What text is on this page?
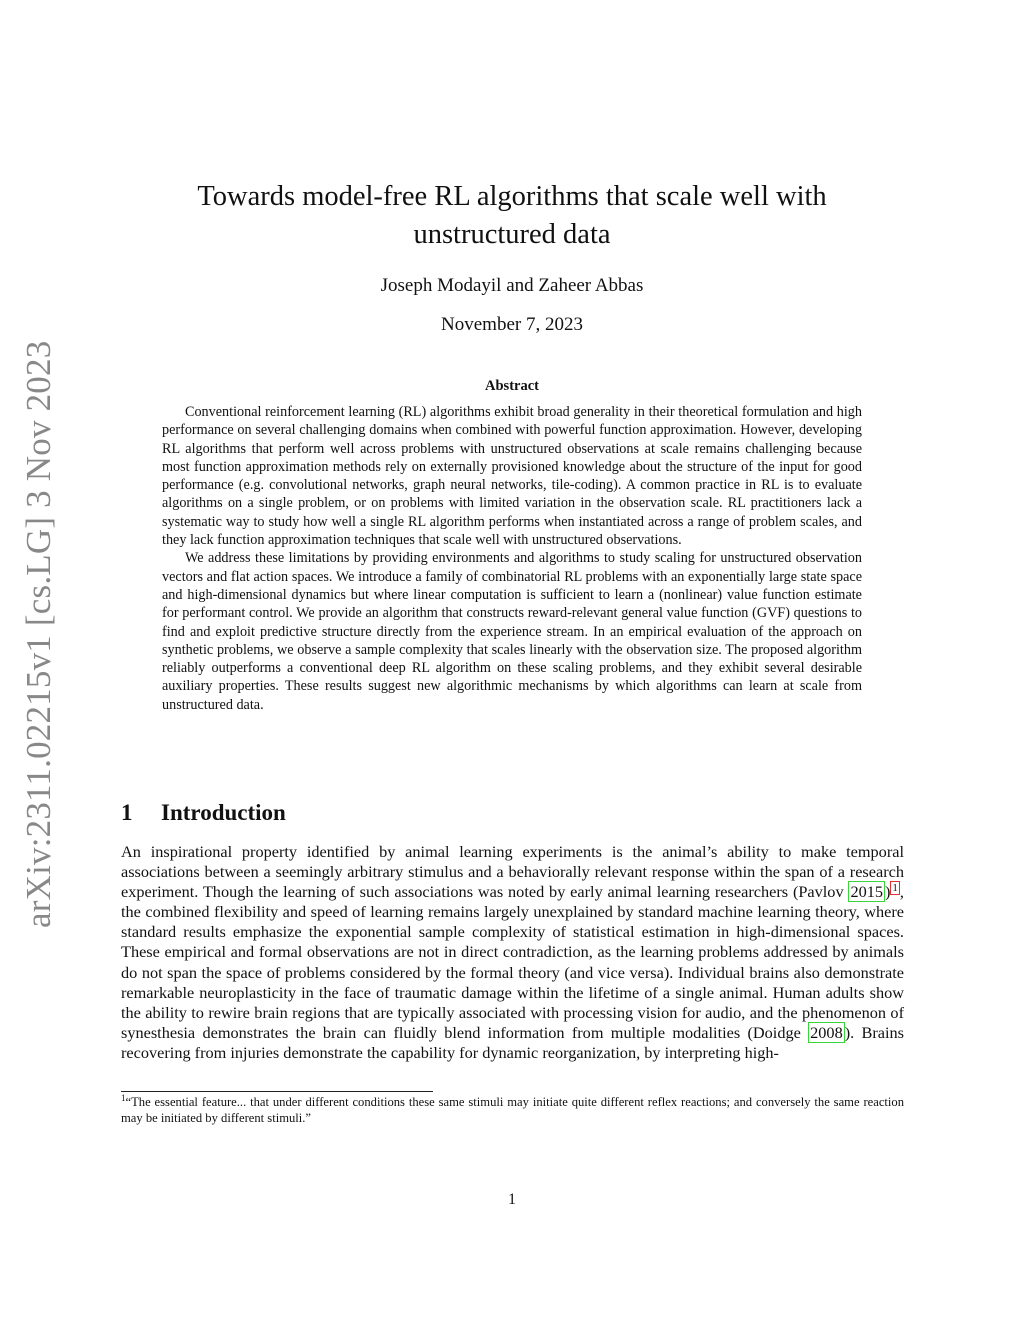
arXiv:2311.02215v1 [cs.LG] 3 Nov 2023
Towards model-free RL algorithms that scale well with unstructured data
Joseph Modayil and Zaheer Abbas
November 7, 2023
Abstract

Conventional reinforcement learning (RL) algorithms exhibit broad generality in their theoretical formulation and high performance on several challenging domains when combined with powerful function approximation. However, developing RL algorithms that perform well across problems with unstructured observations at scale remains challenging because most function approximation methods rely on externally provisioned knowledge about the structure of the input for good performance (e.g. convolutional networks, graph neural networks, tile-coding). A common practice in RL is to evaluate algorithms on a single problem, or on problems with limited variation in the observation scale. RL practitioners lack a systematic way to study how well a single RL algorithm performs when instantiated across a range of problem scales, and they lack function approximation techniques that scale well with unstructured observations.

We address these limitations by providing environments and algorithms to study scaling for unstructured observation vectors and flat action spaces. We introduce a family of combinatorial RL problems with an exponentially large state space and high-dimensional dynamics but where linear computation is sufficient to learn a (nonlinear) value function estimate for performant control. We provide an algorithm that constructs reward-relevant general value function (GVF) questions to find and exploit predictive structure directly from the experience stream. In an empirical evaluation of the approach on synthetic problems, we observe a sample complexity that scales linearly with the observation size. The proposed algorithm reliably outperforms a conventional deep RL algorithm on these scaling problems, and they exhibit several desirable auxiliary properties. These results suggest new algorithmic mechanisms by which algorithms can learn at scale from unstructured data.

1 Introduction

An inspirational property identified by animal learning experiments is the animal’s ability to make temporal associations between a seemingly arbitrary stimulus and a behaviorally relevant response within the span of a research experiment. Though the learning of such associations was noted by early animal learning researchers (Pavlov 2015 ) $^1$ , the combined flexibility and speed of learning remains largely unexplained by standard machine learning theory, where standard results emphasize the exponential sample complexity of statistical estimation in high-dimensional spaces. These empirical and formal observations are not in direct contradiction, as the learning problems addressed by animals do not span the space of problems considered by the formal theory (and vice versa). Individual brains also demonstrate remarkable neuroplasticity in the face of traumatic damage within the lifetime of a single animal. Human adults show the ability to rewire brain regions that are typically associated with processing vision for audio, and the phenomenon of synesthesia demonstrates the brain can fluidly blend information from multiple modalities (Doidge 2008 ). Brains recovering from injuries demonstrate the capability for dynamic reorganization, by interpreting high-

$^1$“The essential feature... that under different conditions these same stimuli may initiate quite different reflex reactions; and conversely the same reaction may be initiated by different stimuli.”
1
